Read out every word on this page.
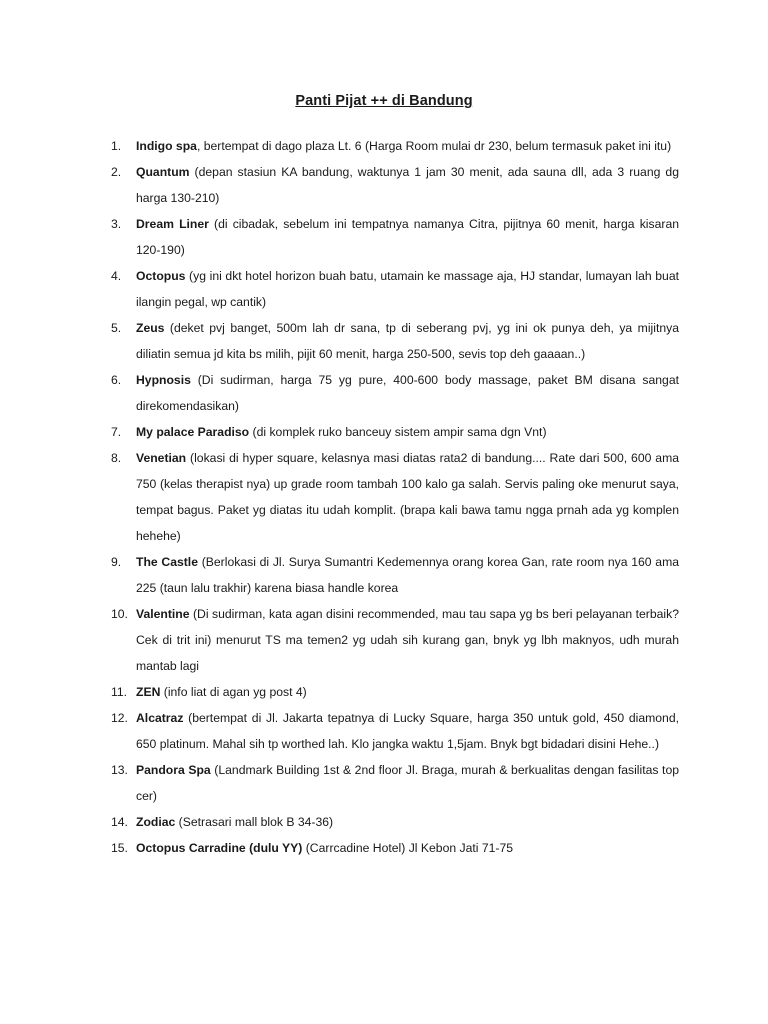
Panti Pijat ++ di Bandung
1.	Indigo spa, bertempat di dago plaza Lt. 6 (Harga Room mulai dr 230, belum termasuk paket ini itu)
2.	Quantum (depan stasiun KA bandung, waktunya 1 jam 30 menit, ada sauna dll, ada 3 ruang dg harga 130-210)
3.	Dream Liner (di cibadak, sebelum ini tempatnya namanya Citra, pijitnya 60 menit, harga kisaran 120-190)
4.	Octopus (yg ini dkt hotel horizon buah batu, utamain ke massage aja, HJ standar, lumayan lah buat ilangin pegal, wp cantik)
5.	Zeus (deket pvj banget, 500m lah dr sana, tp di seberang pvj, yg ini ok punya deh, ya mijitnya diliatin semua jd kita bs milih, pijit 60 menit, harga 250-500, sevis top deh gaaaan..)
6.	Hypnosis (Di sudirman, harga 75 yg pure, 400-600 body massage, paket BM disana sangat direkomendasikan)
7.	My palace Paradiso (di komplek ruko banceuy sistem ampir sama dgn Vnt)
8.	Venetian (lokasi di hyper square, kelasnya masi diatas rata2 di bandung.... Rate dari 500, 600 ama 750 (kelas therapist nya) up grade room tambah 100 kalo ga salah. Servis paling oke menurut saya, tempat bagus. Paket yg diatas itu udah komplit. (brapa kali bawa tamu ngga prnah ada yg komplen hehehe)
9.	The Castle (Berlokasi di Jl. Surya Sumantri Kedemennya orang korea Gan, rate room nya 160 ama 225 (taun lalu trakhir) karena biasa handle korea
10. Valentine (Di sudirman, kata agan disini recommended, mau tau sapa yg bs beri pelayanan terbaik? Cek di trit ini) menurut TS ma temen2 yg udah sih kurang gan, bnyk yg lbh maknyos, udh murah mantab lagi
11. ZEN (info liat di agan yg post 4)
12. Alcatraz (bertempat di Jl. Jakarta tepatnya di Lucky Square, harga 350 untuk gold, 450 diamond, 650 platinum. Mahal sih tp worthed lah. Klo jangka waktu 1,5jam. Bnyk bgt bidadari disini Hehe..)
13. Pandora Spa (Landmark Building 1st & 2nd floor Jl. Braga, murah & berkualitas dengan fasilitas top cer)
14. Zodiac (Setrasari mall blok B 34-36)
15. Octopus Carradine (dulu YY) (Carrcadine Hotel) Jl Kebon Jati 71-75
